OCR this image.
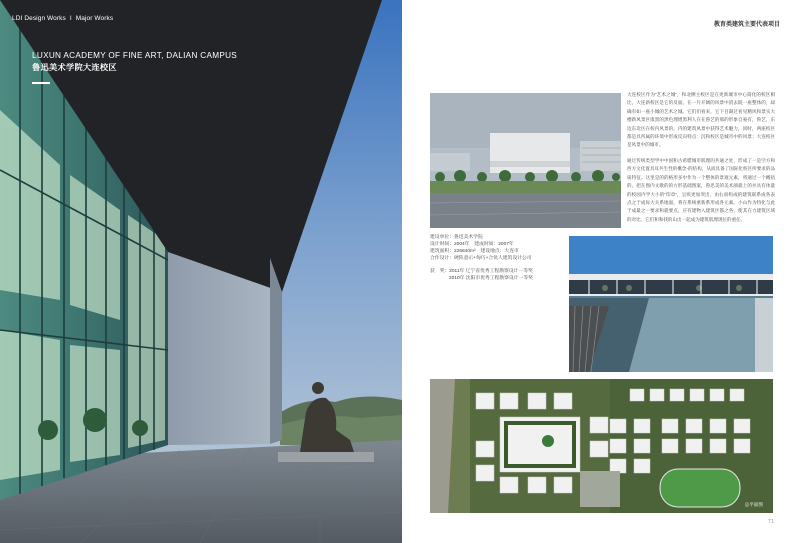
LDI Design Works I Major Works
LUXUN ACADEMY OF FINE ART, DALIAN CAMPUS
鲁迅美术学院大连校区
教育类建筑主要代表项目

大连校区作为“艺术之城”，和北侧主校区是在更新城市中心简化的校区相比，大连新校区是它的反面。在一片开阔的风景中消去既一座整体的，却确有如一座小城的艺术之城。它们们看来，它下目凝过看见精风和景实大楼新风景区康黑的黑色理增黑利人在在鲁艺的那的形象自豪有，鲁艺，东边东北区在校内风景的，内的建筑风景中获得艺术魅力，同时，两座校区都是具所属的环境中形成反向特点：沉和校区是城市中的风景；大连校区是风景中的城市。

通过传统类型学中中国和古希腊城市肌理的共通之处，形成了一是空方和西方文化置具耳共生性的概念-的结构，从而具备了国际化校区所要求的品质特征。这里是的的格形多中作为一个整体的景观元素，将通过一个概括的、把在图内文歌的的方形基础图案，鲁迅美的美术颜就上的并具有体量的校园内学大小的“印章”，呈疾更加突出，由右而构成的建筑联系成各表点之于成每大关系地面，将在系统重新系形成各元素。小山作为特化与此于成最之一要求和就要点，应有建物入建筑区都之各，使其在力建筑区域的对比，它们和和找的山出一起成为建筑肌理现位的重任。

建设单位：鲁迅美术学院
设计时间：2004年　 建成时间：2007年
建筑面积：226840m²　 建设地点：大连市
合作设计：硬阵意示+匈巧+合伙人建筑设计公司
获　奖：2011年 辽宁省优秀工程勘察设计一等奖
2010年 沈阳市优秀工程勘察设计一等奖
总平面图
71
